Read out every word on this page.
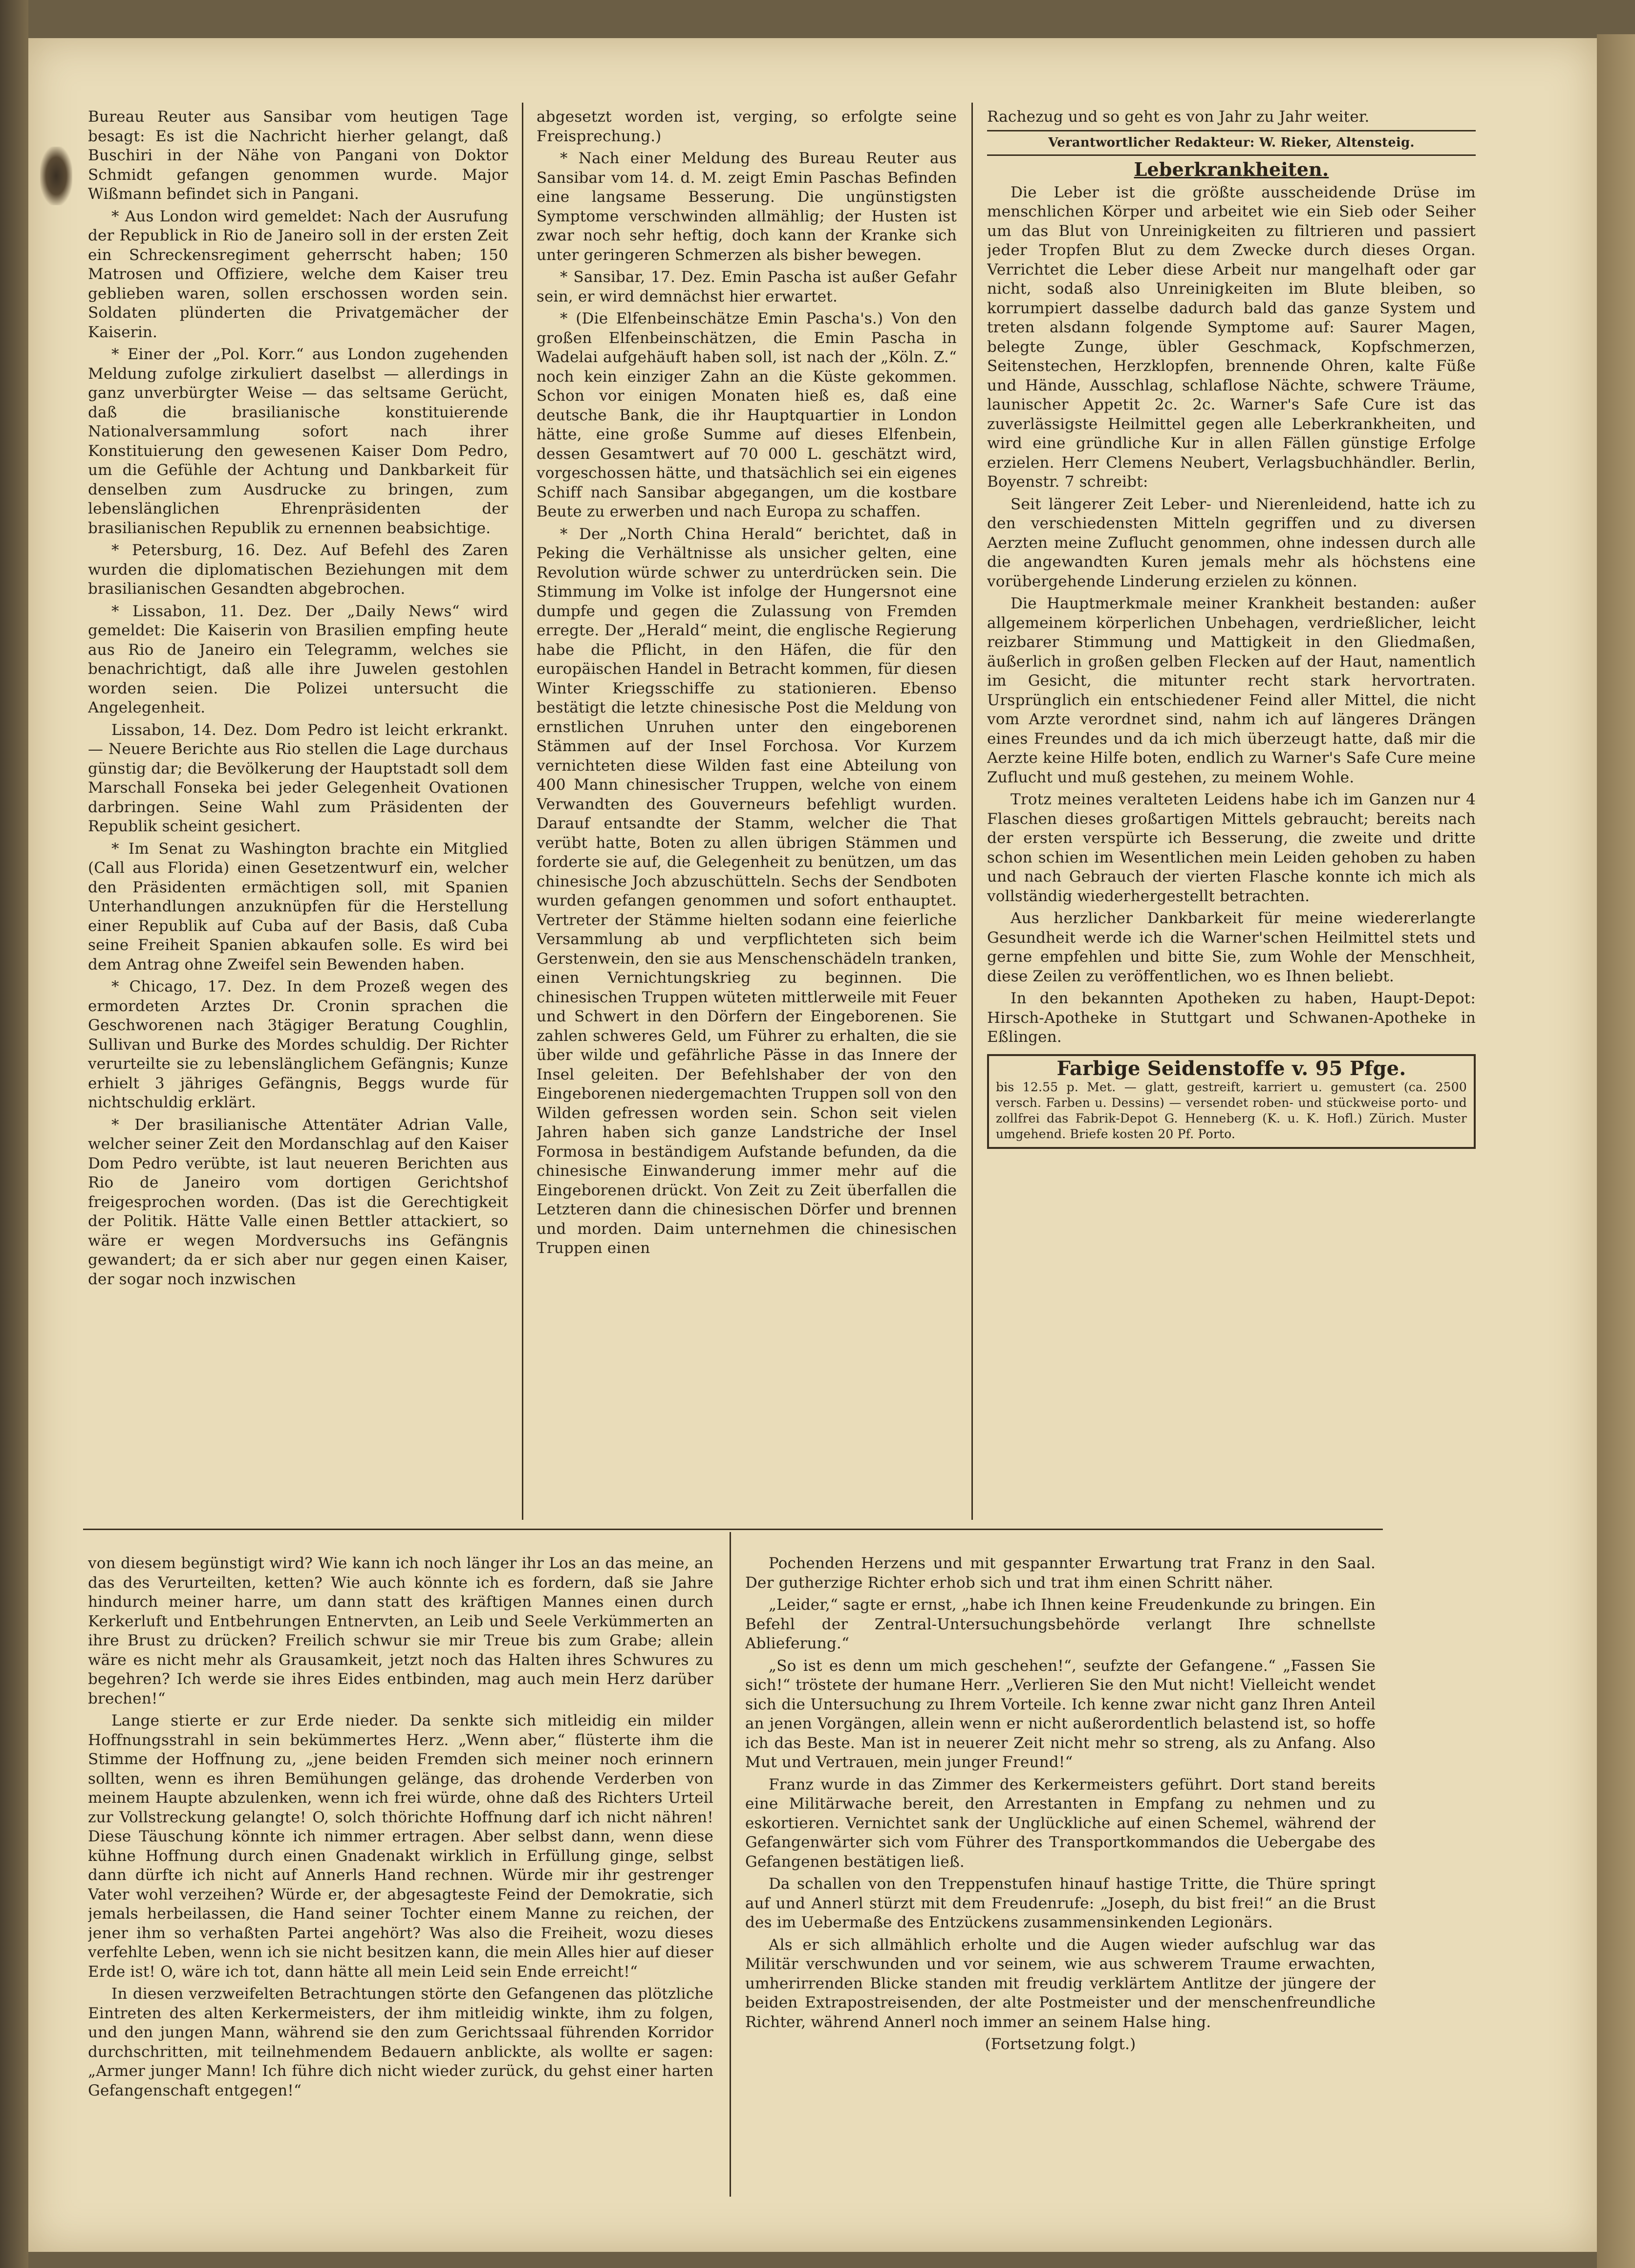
Bureau Reuter aus Sansibar vom heutigen Tage besagt: Es ist die Nachricht hierher gelangt, daß Buschiri in der Nähe von Pangani von Doktor Schmidt gefangen genommen wurde. Major Wißmann befindet sich in Pangani.

* Aus London wird gemeldet: Nach der Ausrufung der Republick in Rio de Janeiro soll in der ersten Zeit ein Schreckensregiment geherrscht haben; 150 Matrosen und Offiziere, welche dem Kaiser treu geblieben waren, sollen erschossen worden sein. Soldaten plünderten die Privatgemächer der Kaiserin.

* Einer der „Pol. Korr.“ aus London zugehenden Meldung zufolge zirkuliert daselbst — allerdings in ganz unverbürgter Weise — das seltsame Gerücht, daß die brasilianische konstituierende Nationalversammlung sofort nach ihrer Konstituierung den gewesenen Kaiser Dom Pedro, um die Gefühle der Achtung und Dankbarkeit für denselben zum Ausdrucke zu bringen, zum lebenslänglichen Ehrenpräsidenten der brasilianischen Republik zu ernennen beabsichtige.

* Petersburg, 16. Dez. Auf Befehl des Zaren wurden die diplomatischen Beziehungen mit dem brasilianischen Gesandten abgebrochen.

* Lissabon, 11. Dez. Der „Daily News“ wird gemeldet: Die Kaiserin von Brasilien empfing heute aus Rio de Janeiro ein Telegramm, welches sie benachrichtigt, daß alle ihre Juwelen gestohlen worden seien. Die Polizei untersucht die Angelegenheit.

Lissabon, 14. Dez. Dom Pedro ist leicht erkrankt. — Neuere Berichte aus Rio stellen die Lage durchaus günstig dar; die Bevölkerung der Hauptstadt soll dem Marschall Fonseka bei jeder Gelegenheit Ovationen darbringen. Seine Wahl zum Präsidenten der Republik scheint gesichert.

* Im Senat zu Washington brachte ein Mitglied (Call aus Florida) einen Gesetzentwurf ein, welcher den Präsidenten ermächtigen soll, mit Spanien Unterhandlungen anzuknüpfen für die Herstellung einer Republik auf Cuba auf der Basis, daß Cuba seine Freiheit Spanien abkaufen solle. Es wird bei dem Antrag ohne Zweifel sein Bewenden haben.

* Chicago, 17. Dez. In dem Prozeß wegen des ermordeten Arztes Dr. Cronin sprachen die Geschworenen nach 3tägiger Beratung Coughlin, Sullivan und Burke des Mordes schuldig. Der Richter verurteilte sie zu lebenslänglichem Gefängnis; Kunze erhielt 3 jähriges Gefängnis, Beggs wurde für nichtschuldig erklärt.

* Der brasilianische Attentäter Adrian Valle, welcher seiner Zeit den Mordanschlag auf den Kaiser Dom Pedro verübte, ist laut neueren Berichten aus Rio de Janeiro vom dortigen Gerichtshof freigesprochen worden. (Das ist die Gerechtigkeit der Politik. Hätte Valle einen Bettler attackiert, so wäre er wegen Mordversuchs ins Gefängnis gewandert; da er sich aber nur gegen einen Kaiser, der sogar noch inzwischen

abgesetzt worden ist, verging, so erfolgte seine Freisprechung.)

* Nach einer Meldung des Bureau Reuter aus Sansibar vom 14. d. M. zeigt Emin Paschas Befinden eine langsame Besserung. Die ungünstigsten Symptome verschwinden allmählig; der Husten ist zwar noch sehr heftig, doch kann der Kranke sich unter geringeren Schmerzen als bisher bewegen.

* Sansibar, 17. Dez. Emin Pascha ist außer Gefahr sein, er wird demnächst hier erwartet.

* (Die Elfenbeinschätze Emin Pascha's.) Von den großen Elfenbeinschätzen, die Emin Pascha in Wadelai aufgehäuft haben soll, ist nach der „Köln. Z.“ noch kein einziger Zahn an die Küste gekommen. Schon vor einigen Monaten hieß es, daß eine deutsche Bank, die ihr Hauptquartier in London hätte, eine große Summe auf dieses Elfenbein, dessen Gesamtwert auf 70 000 L. geschätzt wird, vorgeschossen hätte, und thatsächlich sei ein eigenes Schiff nach Sansibar abgegangen, um die kostbare Beute zu erwerben und nach Europa zu schaffen.

* Der „North China Herald“ berichtet, daß in Peking die Verhältnisse als unsicher gelten, eine Revolution würde schwer zu unterdrücken sein. Die Stimmung im Volke ist infolge der Hungersnot eine dumpfe und gegen die Zulassung von Fremden erregte. Der „Herald“ meint, die englische Regierung habe die Pflicht, in den Häfen, die für den europäischen Handel in Betracht kommen, für diesen Winter Kriegsschiffe zu stationieren. Ebenso bestätigt die letzte chinesische Post die Meldung von ernstlichen Unruhen unter den eingeborenen Stämmen auf der Insel Forchosa. Vor Kurzem vernichteten diese Wilden fast eine Abteilung von 400 Mann chinesischer Truppen, welche von einem Verwandten des Gouverneurs befehligt wurden. Darauf entsandte der Stamm, welcher die That verübt hatte, Boten zu allen übrigen Stämmen und forderte sie auf, die Gelegenheit zu benützen, um das chinesische Joch abzuschütteln. Sechs der Sendboten wurden gefangen genommen und sofort enthauptet. Vertreter der Stämme hielten sodann eine feierliche Versammlung ab und verpflichteten sich beim Gerstenwein, den sie aus Menschenschädeln tranken, einen Vernichtungskrieg zu beginnen. Die chinesischen Truppen wüteten mittlerweile mit Feuer und Schwert in den Dörfern der Eingeborenen. Sie zahlen schweres Geld, um Führer zu erhalten, die sie über wilde und gefährliche Pässe in das Innere der Insel geleiten. Der Befehlshaber der von den Eingeborenen niedergemachten Truppen soll von den Wilden gefressen worden sein. Schon seit vielen Jahren haben sich ganze Landstriche der Insel Formosa in beständigem Aufstande befunden, da die chinesische Einwanderung immer mehr auf die Eingeborenen drückt. Von Zeit zu Zeit überfallen die Letzteren dann die chinesischen Dörfer und brennen und morden. Daim unternehmen die chinesischen Truppen einen

Rachezug und so geht es von Jahr zu Jahr weiter.

Verantwortlicher Redakteur: W. Rieker, Altensteig.
Leberkrankheiten.

Die Leber ist die größte ausscheidende Drüse im menschlichen Körper und arbeitet wie ein Sieb oder Seiher um das Blut von Unreinigkeiten zu filtrieren und passiert jeder Tropfen Blut zu dem Zwecke durch dieses Organ. Verrichtet die Leber diese Arbeit nur mangelhaft oder gar nicht, sodaß also Unreinigkeiten im Blute bleiben, so korrumpiert dasselbe dadurch bald das ganze System und treten alsdann folgende Symptome auf: Saurer Magen, belegte Zunge, übler Geschmack, Kopfschmerzen, Seitenstechen, Herzklopfen, brennende Ohren, kalte Füße und Hände, Ausschlag, schlaflose Nächte, schwere Träume, launischer Appetit 2c. 2c. Warner's Safe Cure ist das zuverlässigste Heilmittel gegen alle Leberkrankheiten, und wird eine gründliche Kur in allen Fällen günstige Erfolge erzielen. Herr Clemens Neubert, Verlagsbuchhändler. Berlin, Boyenstr. 7 schreibt:

Seit längerer Zeit Leber- und Nierenleidend, hatte ich zu den verschiedensten Mitteln gegriffen und zu diversen Aerzten meine Zuflucht genommen, ohne indessen durch alle die angewandten Kuren jemals mehr als höchstens eine vorübergehende Linderung erzielen zu können.

Die Hauptmerkmale meiner Krankheit bestanden: außer allgemeinem körperlichen Unbehagen, verdrießlicher, leicht reizbarer Stimmung und Mattigkeit in den Gliedmaßen, äußerlich in großen gelben Flecken auf der Haut, namentlich im Gesicht, die mitunter recht stark hervortraten. Ursprünglich ein entschiedener Feind aller Mittel, die nicht vom Arzte verordnet sind, nahm ich auf längeres Drängen eines Freundes und da ich mich überzeugt hatte, daß mir die Aerzte keine Hilfe boten, endlich zu Warner's Safe Cure meine Zuflucht und muß gestehen, zu meinem Wohle.

Trotz meines veralteten Leidens habe ich im Ganzen nur 4 Flaschen dieses großartigen Mittels gebraucht; bereits nach der ersten verspürte ich Besserung, die zweite und dritte schon schien im Wesentlichen mein Leiden gehoben zu haben und nach Gebrauch der vierten Flasche konnte ich mich als vollständig wiederhergestellt betrachten.

Aus herzlicher Dankbarkeit für meine wiedererlangte Gesundheit werde ich die Warner'schen Heilmittel stets und gerne empfehlen und bitte Sie, zum Wohle der Menschheit, diese Zeilen zu veröffentlichen, wo es Ihnen beliebt.

In den bekannten Apotheken zu haben, Haupt-Depot: Hirsch-Apotheke in Stuttgart und Schwanen-Apotheke in Eßlingen.

Farbige Seidenstoffe v. 95 Pfge.

bis 12.55 p. Met. — glatt, gestreift, karriert u. gemustert (ca. 2500 versch. Farben u. Dessins) — versendet roben- und stückweise porto- und zollfrei das Fabrik-Depot G. Henneberg (K. u. K. Hofl.) Zürich. Muster umgehend. Briefe kosten 20 Pf. Porto.

von diesem begünstigt wird? Wie kann ich noch länger ihr Los an das meine, an das des Verurteilten, ketten? Wie auch könnte ich es fordern, daß sie Jahre hindurch meiner harre, um dann statt des kräftigen Mannes einen durch Kerkerluft und Entbehrungen Entnervten, an Leib und Seele Verkümmerten an ihre Brust zu drücken? Freilich schwur sie mir Treue bis zum Grabe; allein wäre es nicht mehr als Grausamkeit, jetzt noch das Halten ihres Schwures zu begehren? Ich werde sie ihres Eides entbinden, mag auch mein Herz darüber brechen!“

Lange stierte er zur Erde nieder. Da senkte sich mitleidig ein milder Hoffnungsstrahl in sein bekümmertes Herz. „Wenn aber,“ flüsterte ihm die Stimme der Hoffnung zu, „jene beiden Fremden sich meiner noch erinnern sollten, wenn es ihren Bemühungen gelänge, das drohende Verderben von meinem Haupte abzulenken, wenn ich frei würde, ohne daß des Richters Urteil zur Vollstreckung gelangte! O, solch thörichte Hoffnung darf ich nicht nähren! Diese Täuschung könnte ich nimmer ertragen. Aber selbst dann, wenn diese kühne Hoffnung durch einen Gnadenakt wirklich in Erfüllung ginge, selbst dann dürfte ich nicht auf Annerls Hand rechnen. Würde mir ihr gestrenger Vater wohl verzeihen? Würde er, der abgesagteste Feind der Demokratie, sich jemals herbeilassen, die Hand seiner Tochter einem Manne zu reichen, der jener ihm so verhaßten Partei angehört? Was also die Freiheit, wozu dieses verfehlte Leben, wenn ich sie nicht besitzen kann, die mein Alles hier auf dieser Erde ist! O, wäre ich tot, dann hätte all mein Leid sein Ende erreicht!“

In diesen verzweifelten Betrachtungen störte den Gefangenen das plötzliche Eintreten des alten Kerkermeisters, der ihm mitleidig winkte, ihm zu folgen, und den jungen Mann, während sie den zum Gerichtssaal führenden Korridor durchschritten, mit teilnehmendem Bedauern anblickte, als wollte er sagen: „Armer junger Mann! Ich führe dich nicht wieder zurück, du gehst einer harten Gefangenschaft entgegen!“

Pochenden Herzens und mit gespannter Erwartung trat Franz in den Saal. Der gutherzige Richter erhob sich und trat ihm einen Schritt näher.

„Leider,“ sagte er ernst, „habe ich Ihnen keine Freudenkunde zu bringen. Ein Befehl der Zentral-Untersuchungsbehörde verlangt Ihre schnellste Ablieferung.“

„So ist es denn um mich geschehen!“, seufzte der Gefangene.“ „Fassen Sie sich!“ tröstete der humane Herr. „Verlieren Sie den Mut nicht! Vielleicht wendet sich die Untersuchung zu Ihrem Vorteile. Ich kenne zwar nicht ganz Ihren Anteil an jenen Vorgängen, allein wenn er nicht außerordentlich belastend ist, so hoffe ich das Beste. Man ist in neuerer Zeit nicht mehr so streng, als zu Anfang. Also Mut und Vertrauen, mein junger Freund!“

Franz wurde in das Zimmer des Kerkermeisters geführt. Dort stand bereits eine Militärwache bereit, den Arrestanten in Empfang zu nehmen und zu eskortieren. Vernichtet sank der Unglückliche auf einen Schemel, während der Gefangenwärter sich vom Führer des Transportkommandos die Uebergabe des Gefangenen bestätigen ließ.

Da schallen von den Treppenstufen hinauf hastige Tritte, die Thüre springt auf und Annerl stürzt mit dem Freudenrufe: „Joseph, du bist frei!“ an die Brust des im Uebermaße des Entzückens zusammensinkenden Legionärs.

Als er sich allmählich erholte und die Augen wieder aufschlug war das Militär verschwunden und vor seinem, wie aus schwerem Traume erwachten, umherirrenden Blicke standen mit freudig verklärtem Antlitze der jüngere der beiden Extrapostreisenden, der alte Postmeister und der menschenfreundliche Richter, während Annerl noch immer an seinem Halse hing.

(Fortsetzung folgt.)
